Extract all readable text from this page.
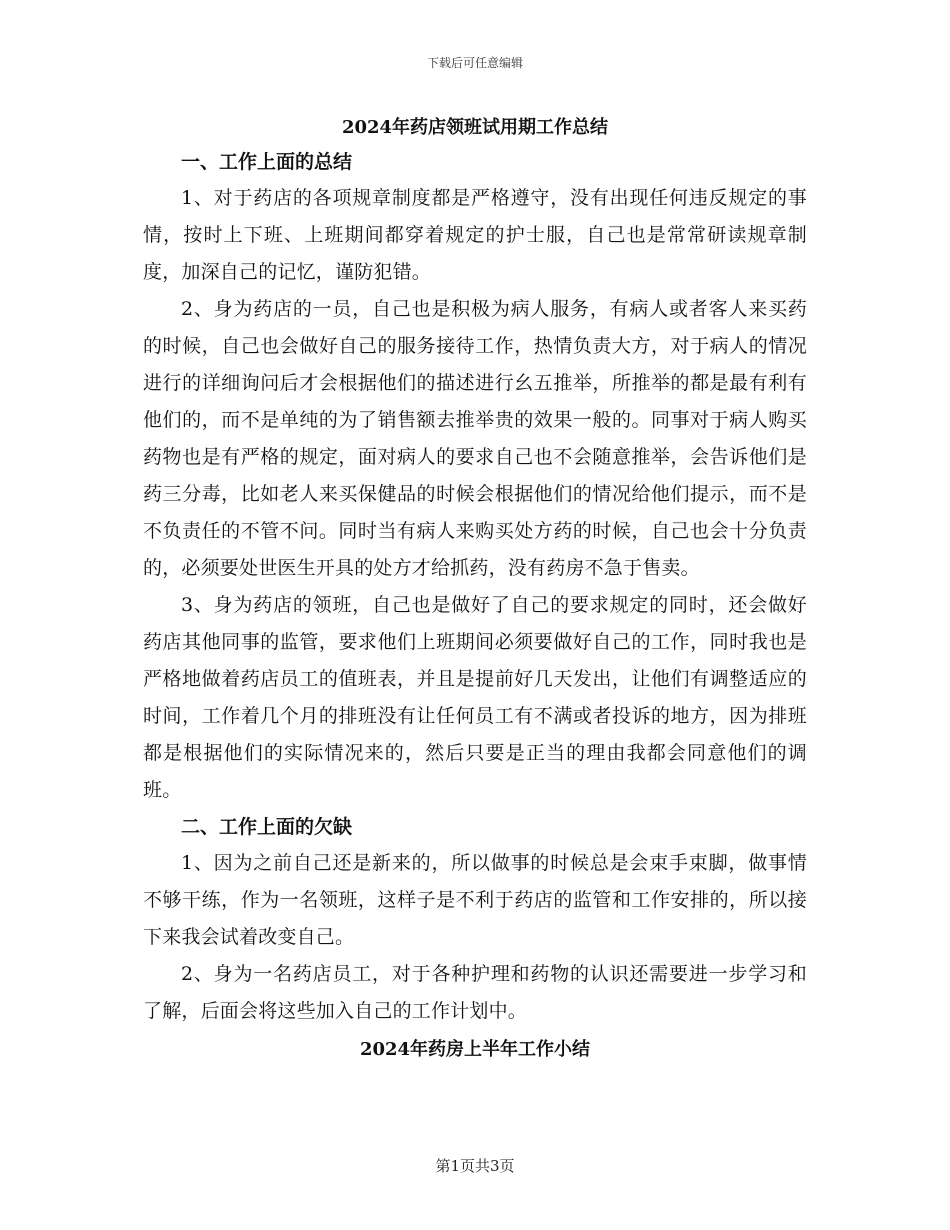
下载后可任意编辑
2024年药店领班试用期工作总结
一、工作上面的总结

1、对于药店的各项规章制度都是严格遵守，没有出现任何违反规定的事情，按时上下班、上班期间都穿着规定的护士服，自己也是常常研读规章制度，加深自己的记忆，谨防犯错。

2、身为药店的一员，自己也是积极为病人服务，有病人或者客人来买药的时候，自己也会做好自己的服务接待工作，热情负责大方，对于病人的情况进行的详细询问后才会根据他们的描述进行幺五推举，所推举的都是最有利有他们的，而不是单纯的为了销售额去推举贵的效果一般的。同事对于病人购买药物也是有严格的规定，面对病人的要求自己也不会随意推举，会告诉他们是药三分毒，比如老人来买保健品的时候会根据他们的情况给他们提示，而不是不负责任的不管不问。同时当有病人来购买处方药的时候，自己也会十分负责的，必须要处世医生开具的处方才给抓药，没有药房不急于售卖。

3、身为药店的领班，自己也是做好了自己的要求规定的同时，还会做好药店其他同事的监管，要求他们上班期间必须要做好自己的工作，同时我也是严格地做着药店员工的值班表，并且是提前好几天发出，让他们有调整适应的时间，工作着几个月的排班没有让任何员工有不满或者投诉的地方，因为排班都是根据他们的实际情况来的，然后只要是正当的理由我都会同意他们的调班。

二、工作上面的欠缺

1、因为之前自己还是新来的，所以做事的时候总是会束手束脚，做事情不够干练，作为一名领班，这样子是不利于药店的监管和工作安排的，所以接下来我会试着改变自己。

2、身为一名药店员工，对于各种护理和药物的认识还需要进一步学习和了解，后面会将这些加入自己的工作计划中。

2024年药房上半年工作小结
第1页共3页
